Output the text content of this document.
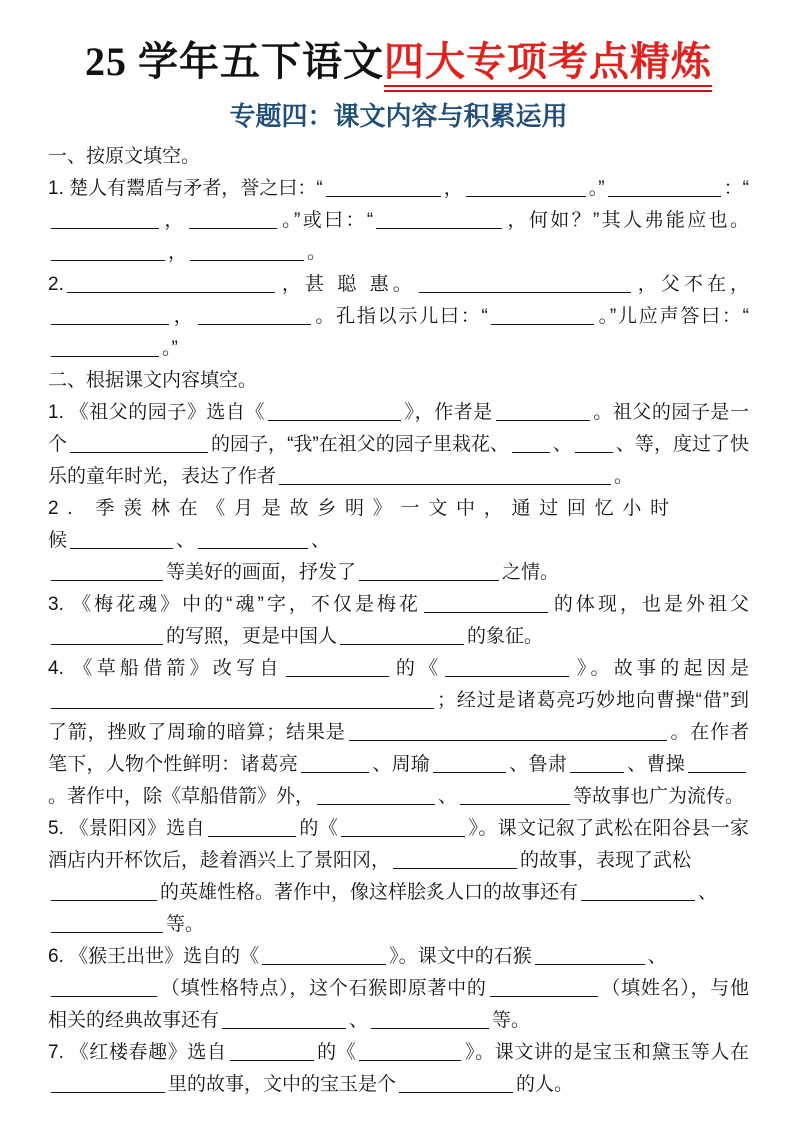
25 学年五下语文四大专项考点精炼
专题四：课文内容与积累运用

一、按原文填空。

1. 楚人有鬻盾与矛者，誉之曰：“	，	。”	：“，	。”或曰：“	，何如？”其人弗能应也。，	。

2.	，甚 聪 惠。	，父不在，，	。孔指以示儿曰：“	。”儿应声答曰：“。”

二、根据课文内容填空。

1. 《祖父的园子》选自《	》，作者是	。祖父的园子是一个	的园子，“我”在祖父的园子里栽花、 、 、等，度过了快乐的童年时光，表达了作者	。

2. 季羡林在《月是故乡明》一文中，通过回忆小时
候	、	、
等美好的画面，抒发了	之情。

3. 《梅花魂》中的“魂”字，不仅是梅花	的体现，也是外祖父的写照，更是中国人	的象征。

4. 《草船借箭》改写自	的《	》。故事的起因是；经过是诸葛亮巧妙地向曹操“借”到了箭，挫败了周瑜的暗算；结果是	。在作者笔下，人物个性鲜明：诸葛亮	、周瑜	、鲁肃	、曹操。著作中，除《草船借箭》外，	、	等故事也广为流传。

5. 《景阳冈》选自	的《	》。课文记叙了武松在阳谷县一家酒店内开杯饮后，趁着酒兴上了景阳冈，	的故事，表现了武松
的英雄性格。著作中，像这样脍炙人口的故事还有	、
等。

6. 《猴王出世》选自的《	》。课文中的石猴	、
（填性格特点），这个石猴即原著中的	（填姓名），与他相关的经典故事还有	、	等。

7. 《红楼春趣》选自	的《	》。课文讲的是宝玉和黛玉等人在里的故事，文中的宝玉是个	的人。
